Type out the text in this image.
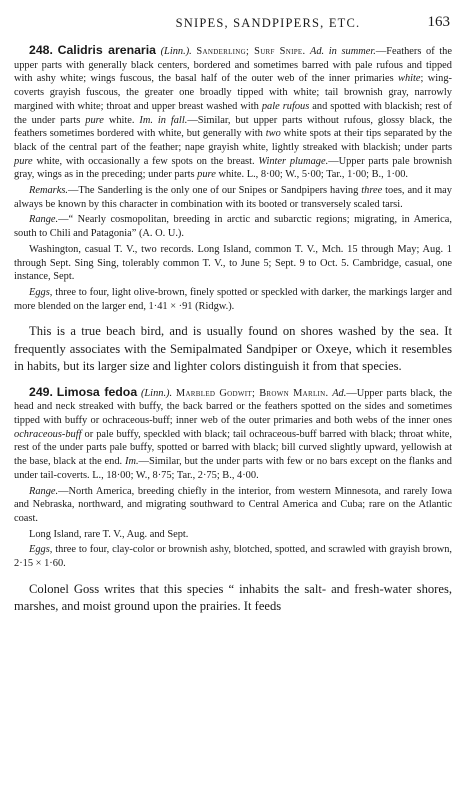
SNIPES, SANDPIPERS, ETC.	163

248. Calidris arenaria (Linn.). Sanderling; Surf Snipe. Ad. in summer.—Feathers of the upper parts with generally black centers, bordered and sometimes barred with pale rufous and tipped with ashy white; wings fuscous, the basal half of the outer web of the inner primaries white; wing-coverts grayish fuscous, the greater one broadly tipped with white; tail brownish gray, narrowly margined with white; throat and upper breast washed with pale rufous and spotted with blackish; rest of the under parts pure white. Im. in fall.—Similar, but upper parts without rufous, glossy black, the feathers sometimes bordered with white, but generally with two white spots at their tips separated by the black of the central part of the feather; nape grayish white, lightly streaked with blackish; under parts pure white, with occasionally a few spots on the breast. Winter plumage.—Upper parts pale brownish gray, wings as in the preceding; under parts pure white. L., 8·00; W., 5·00; Tar., 1·00; B., 1·00.

Remarks.—The Sanderling is the only one of our Snipes or Sandpipers having three toes, and it may always be known by this character in combination with its booted or transversely scaled tarsi.

Range.—“ Nearly cosmopolitan, breeding in arctic and subarctic regions; migrating, in America, south to Chili and Patagonia” (A. O. U.).

Washington, casual T. V., two records. Long Island, common T. V., Mch. 15 through May; Aug. 1 through Sept. Sing Sing, tolerably common T. V., to June 5; Sept. 9 to Oct. 5. Cambridge, casual, one instance, Sept.

Eggs, three to four, light olive-brown, finely spotted or speckled with darker, the markings larger and more blended on the larger end, 1·41 × ·91 (Ridgw.).

This is a true beach bird, and is usually found on shores washed by the sea. It frequently associates with the Semipalmated Sandpiper or Oxeye, which it resembles in habits, but its larger size and lighter colors distinguish it from that species.

249. Limosa fedoa (Linn.). Marbled Godwit; Brown Marlin. Ad.—Upper parts black, the head and neck streaked with buffy, the back barred or the feathers spotted on the sides and sometimes tipped with buffy or ochraceous-buff; inner web of the outer primaries and both webs of the inner ones ochraceous-buff or pale buffy, speckled with black; tail ochraceous-buff barred with black; throat white, rest of the under parts pale buffy, spotted or barred with black; bill curved slightly upward, yellowish at the base, black at the end. Im.—Similar, but the under parts with few or no bars except on the flanks and under tail-coverts. L., 18·00; W., 8·75; Tar., 2·75; B., 4·00.

Range.—North America, breeding chiefly in the interior, from western Minnesota, and rarely Iowa and Nebraska, northward, and migrating southward to Central America and Cuba; rare on the Atlantic coast.

Long Island, rare T. V., Aug. and Sept.

Eggs, three to four, clay-color or brownish ashy, blotched, spotted, and scrawled with grayish brown, 2·15 × 1·60.

Colonel Goss writes that this species “ inhabits the salt- and fresh-water shores, marshes, and moist ground upon the prairies. It feeds
